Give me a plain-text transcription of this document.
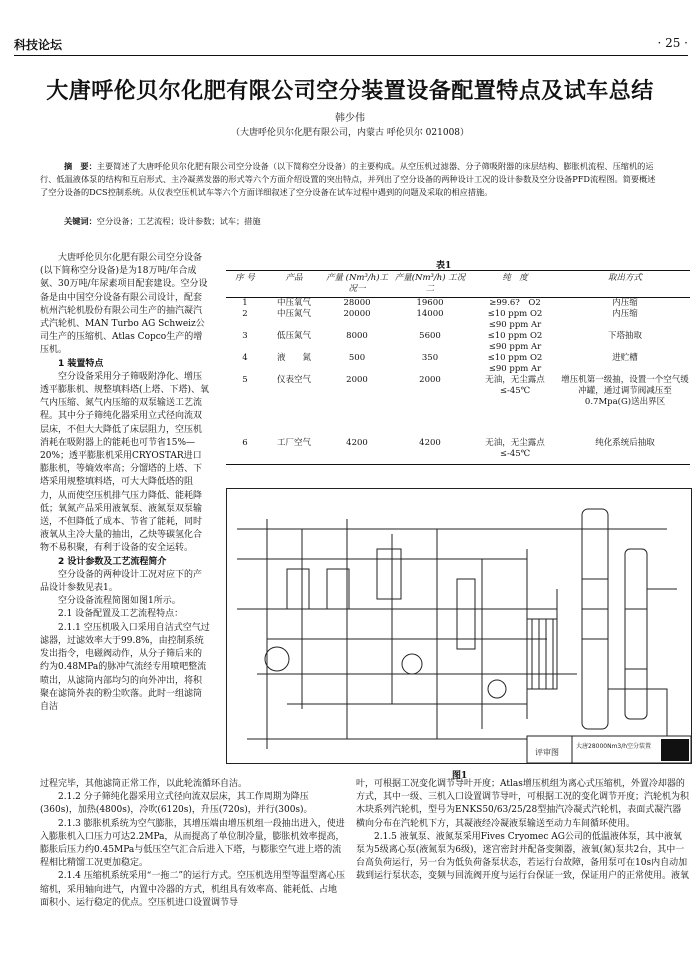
科技论坛	· 25 ·
大唐呼伦贝尔化肥有限公司空分装置设备配置特点及试车总结
韩少伟
（大唐呼伦贝尔化肥有限公司，内蒙古 呼伦贝尔 021008）

摘　要：主要简述了大唐呼伦贝尔化肥有限公司空分设备（以下简称空分设备）的主要构成。从空压机过滤器、分子筛吸附器的床层结构、膨胀机流程、压缩机的运行、低温液体泵的结构和互启形式、主冷凝蒸发器的形式等六个方面介绍设置的突出特点，并列出了空分设备的两种设计工况的设计参数及空分设备PFD流程图。简要概述了空分设备的DCS控制系统。从仪表空压机试车等六个方面详细叙述了空分设备在试车过程中遇到的问题及采取的相应措施。

关键词：空分设备；工艺流程；设计参数；试车；措施

大唐呼伦贝尔化肥有限公司空分设备(以下简称空分设备)是为18万吨/年合成氨、30万吨/年尿素项目配套建设。空分设备是由中国空分设备有限公司设计，配套杭州汽轮机股份有限公司生产的抽汽凝汽式汽轮机、MAN Turbo AG Schweiz公司生产的压缩机、Atlas Copco生产的增压机。

1 装置特点

空分设备采用分子筛吸附净化、增压透平膨胀机、规整填料塔(上塔、下塔)、氧气内压缩、氮气内压缩的双泵输送工艺流程。其中分子筛纯化器采用立式径向流双层床，不但大大降低了床层阻力，空压机消耗在吸附器上的能耗也可节省15%—20%；透平膨胀机采用CRYOSTAR进口膨胀机，等熵效率高；分馏塔的上塔、下塔采用规整填料塔，可大大降低塔的阻力，从而使空压机排气压力降低、能耗降低；氧氮产品采用液氧泵、液氮泵双泵输送，不但降低了成本、节省了能耗，同时液氧从主冷大量的抽出，乙炔等碳氢化合物不易积聚，有利于设备的安全运转。

2 设计参数及工艺流程简介

空分设备的两种设计工况对应下的产品设计参数见表1。

空分设备流程简图如图1所示。

2.1 设备配置及工艺流程特点：

2.1.1 空压机吸入口采用自洁式空气过滤器，过滤效率大于99.8%，由控制系统发出指令，电磁阀动作，从分子筛后来的约为0.48MPa的脉冲气流经专用喷吧整流喷出，从滤筒内部均匀的向外冲出，将积聚在滤筒外表的粉尘吹落。此时一组滤筒自洁

表1
序 号	产品	产量 (Nm³/h)工况一	产量(Nm³/h) 工况二	纯　度	取出方式
1	中压氧气	28000	19600	≥99.6?　O2	内压缩
2	中压氮气	20000	14000	≤10 ppm O2	内压缩
				≤90 ppm Ar	
3	低压氮气	8000	5600	≤10 ppm O2	下塔抽取
				≤90 ppm Ar	
4	液　　氮	500	350	≤10 ppm O2	进贮槽
				≤90 ppm Ar	
5	仪表空气	2000	2000	无油，无尘露点≤-45℃	增压机第一级抽，设置一个空气缓冲罐，通过调节阀减压至0.7Mpa(G)送出界区
6	工厂空气	4200	4200	无油，无尘露点≤-45℃	纯化系统后抽取
评审图
大唐28000Nm3/h空分装置
图1

过程完毕，其他滤筒正常工作，以此轮流循环自洁。

2.1.2 分子筛纯化器采用立式径向流双层床，其工作周期为降压(360s)，加热(4800s)，冷吹(6120s)，升压(720s)，并行(300s)。

2.1.3 膨胀机系统为空气膨胀，其增压端由增压机组一段抽出进入，使进入膨胀机入口压力可达2.2MPa，从而提高了单位制冷量，膨胀机效率提高，膨胀后压力约0.45MPa与低压空气汇合后进入下塔，与膨胀空气进上塔的流程相比精馏工况更加稳定。

2.1.4 压缩机系统采用“一拖二”的运行方式。空压机选用型等温型离心压缩机，采用轴向进气，内置中冷器的方式，机组具有效率高、能耗低、占地面积小、运行稳定的优点。空压机进口设置调节导

叶，可根据工况变化调节导叶开度；Atlas增压机组为离心式压缩机，外置冷却器的方式，其中一级、三机入口设置调节导叶，可根据工况的变化调节开度；汽轮机为积木块系列汽轮机，型号为ENKS50/63/25/28型抽汽冷凝式汽轮机，表面式凝汽器横向分布在汽轮机下方，其凝液经冷凝液泵输送至动力车间循环使用。

2.1.5 液氧泵、液氮泵采用Fives Cryomec AG公司的低温液体泵，其中液氧泵为5级离心泵(液氮泵为6级)，迷宫密封并配备变频器，液氧(氮)泵共2台，其中一台高负荷运行，另一台为低负荷备泵状态，若运行台故障，备用泵可在10s内自动加载到运行泵状态，变频与回流阀开度与运行台保证一致，保证用户的正常使用。液氧
